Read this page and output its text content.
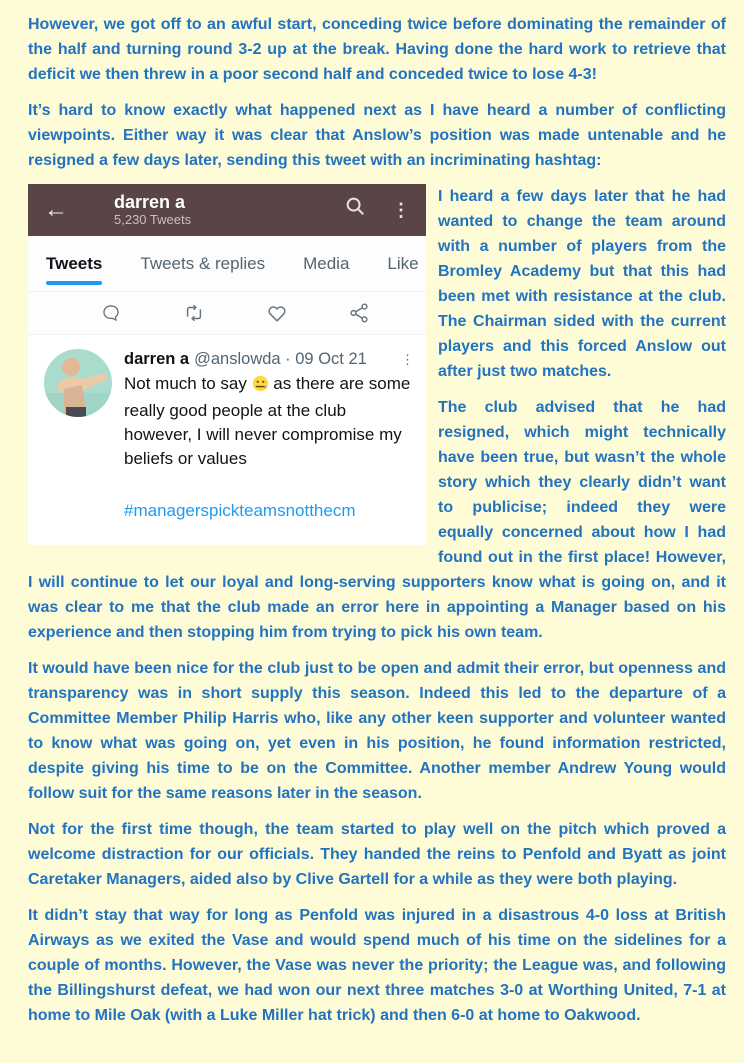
However, we got off to an awful start, conceding twice before dominating the remainder of the half and turning round 3-2 up at the break. Having done the hard work to retrieve that deficit we then threw in a poor second half and conceded twice to lose 4-3!

It’s hard to know exactly what happened next as I have heard a number of conflicting viewpoints. Either way it was clear that Anslow’s position was made untenable and he resigned a few days later, sending this tweet with an incriminating hashtag:

←	darren a
5,230 Tweets	⋮
Tweets Tweets & replies Media Like
darren a @anslowda · 09 Oct 21	⋮
Not much to say as there are some really good people at the club however, I will never compromise my beliefs or values
#managerspickteamsnotthecm

I heard a few days later that he had wanted to change the team around with a number of players from the Bromley Academy but that this had been met with resistance at the club. The Chairman sided with the current players and this forced Anslow out after just two matches.

The club advised that he had resigned, which might technically have been true, but wasn’t the whole story which they clearly didn’t want to publicise; indeed they were equally concerned about how I had found out in the first place! However, I will continue to let our loyal and long-serving supporters know what is going on, and it was clear to me that the club made an error here in appointing a Manager based on his experience and then stopping him from trying to pick his own team.

It would have been nice for the club just to be open and admit their error, but openness and transparency was in short supply this season. Indeed this led to the departure of a Committee Member Philip Harris who, like any other keen supporter and volunteer wanted to know what was going on, yet even in his position, he found information restricted, despite giving his time to be on the Committee. Another member Andrew Young would follow suit for the same reasons later in the season.

Not for the first time though, the team started to play well on the pitch which proved a welcome distraction for our officials. They handed the reins to Penfold and Byatt as joint Caretaker Managers, aided also by Clive Gartell for a while as they were both playing.

It didn’t stay that way for long as Penfold was injured in a disastrous 4-0 loss at British Airways as we exited the Vase and would spend much of his time on the sidelines for a couple of months. However, the Vase was never the priority; the League was, and following the Billingshurst defeat, we had won our next three matches 3-0 at Worthing United, 7-1 at home to Mile Oak (with a Luke Miller hat trick) and then 6-0 at home to Oakwood.
